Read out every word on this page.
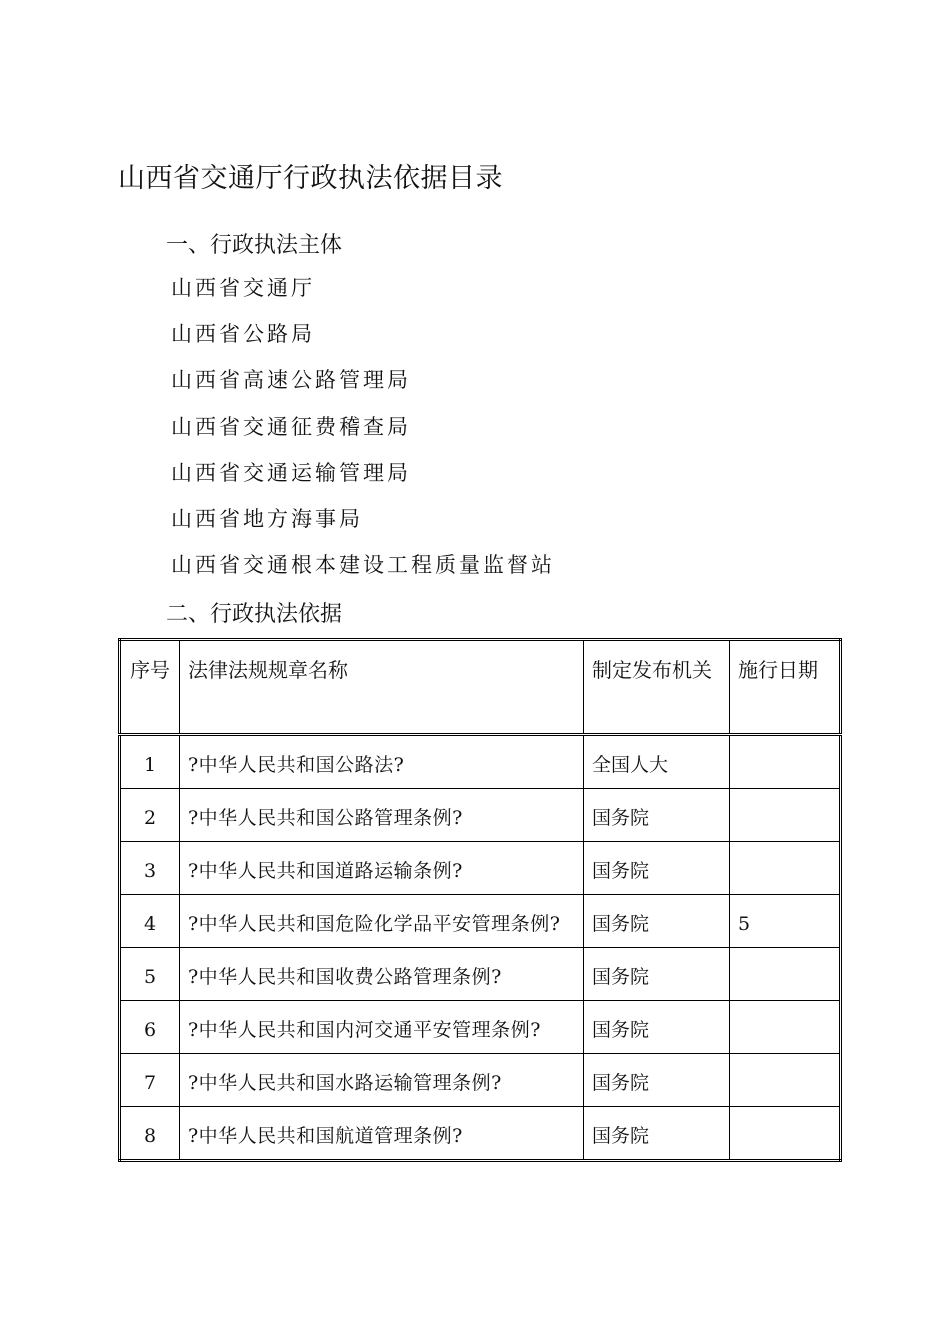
山西省交通厅行政执法依据目录
一、行政执法主体
山西省交通厅
山西省公路局
山西省高速公路管理局
山西省交通征费稽查局
山西省交通运输管理局
山西省地方海事局
山西省交通根本建设工程质量监督站
二、行政执法依据
序号	法律法规规章名称	制定发布机关	施行日期
1	?中华人民共和国公路法?	全国人大	
2	?中华人民共和国公路管理条例?	国务院	
3	?中华人民共和国道路运输条例?	国务院	
4	?中华人民共和国危险化学品平安管理条例?	国务院	5
5	?中华人民共和国收费公路管理条例?	国务院	
6	?中华人民共和国内河交通平安管理条例?	国务院	
7	?中华人民共和国水路运输管理条例?	国务院	
8	?中华人民共和国航道管理条例?	国务院	
